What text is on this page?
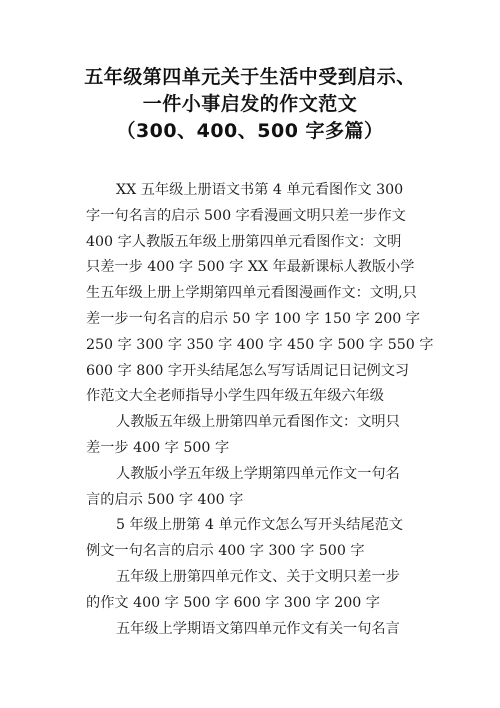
五年级第四单元关于生活中受到启示、
一件小事启发的作文范文
（300、400、500 字多篇）
XX 五年级上册语文书第 4 单元看图作文 300
字一句名言的启示 500 字看漫画文明只差一步作文
400 字人教版五年级上册第四单元看图作文：文明
只差一步 400 字 500 字 XX 年最新课标人教版小学
生五年级上册上学期第四单元看图漫画作文：文明,只
差一步一句名言的启示 50 字 100 字 150 字 200 字
250 字 300 字 350 字 400 字 450 字 500 字 550 字
600 字 800 字开头结尾怎么写写话周记日记例文习
作范文大全老师指导小学生四年级五年级六年级
人教版五年级上册第四单元看图作文：文明只
差一步 400 字 500 字
人教版小学五年级上学期第四单元作文一句名
言的启示 500 字 400 字
5 年级上册第 4 单元作文怎么写开头结尾范文
例文一句名言的启示 400 字 300 字 500 字
五年级上册第四单元作文、关于文明只差一步
的作文 400 字 500 字 600 字 300 字 200 字
五年级上学期语文第四单元作文有关一句名言
